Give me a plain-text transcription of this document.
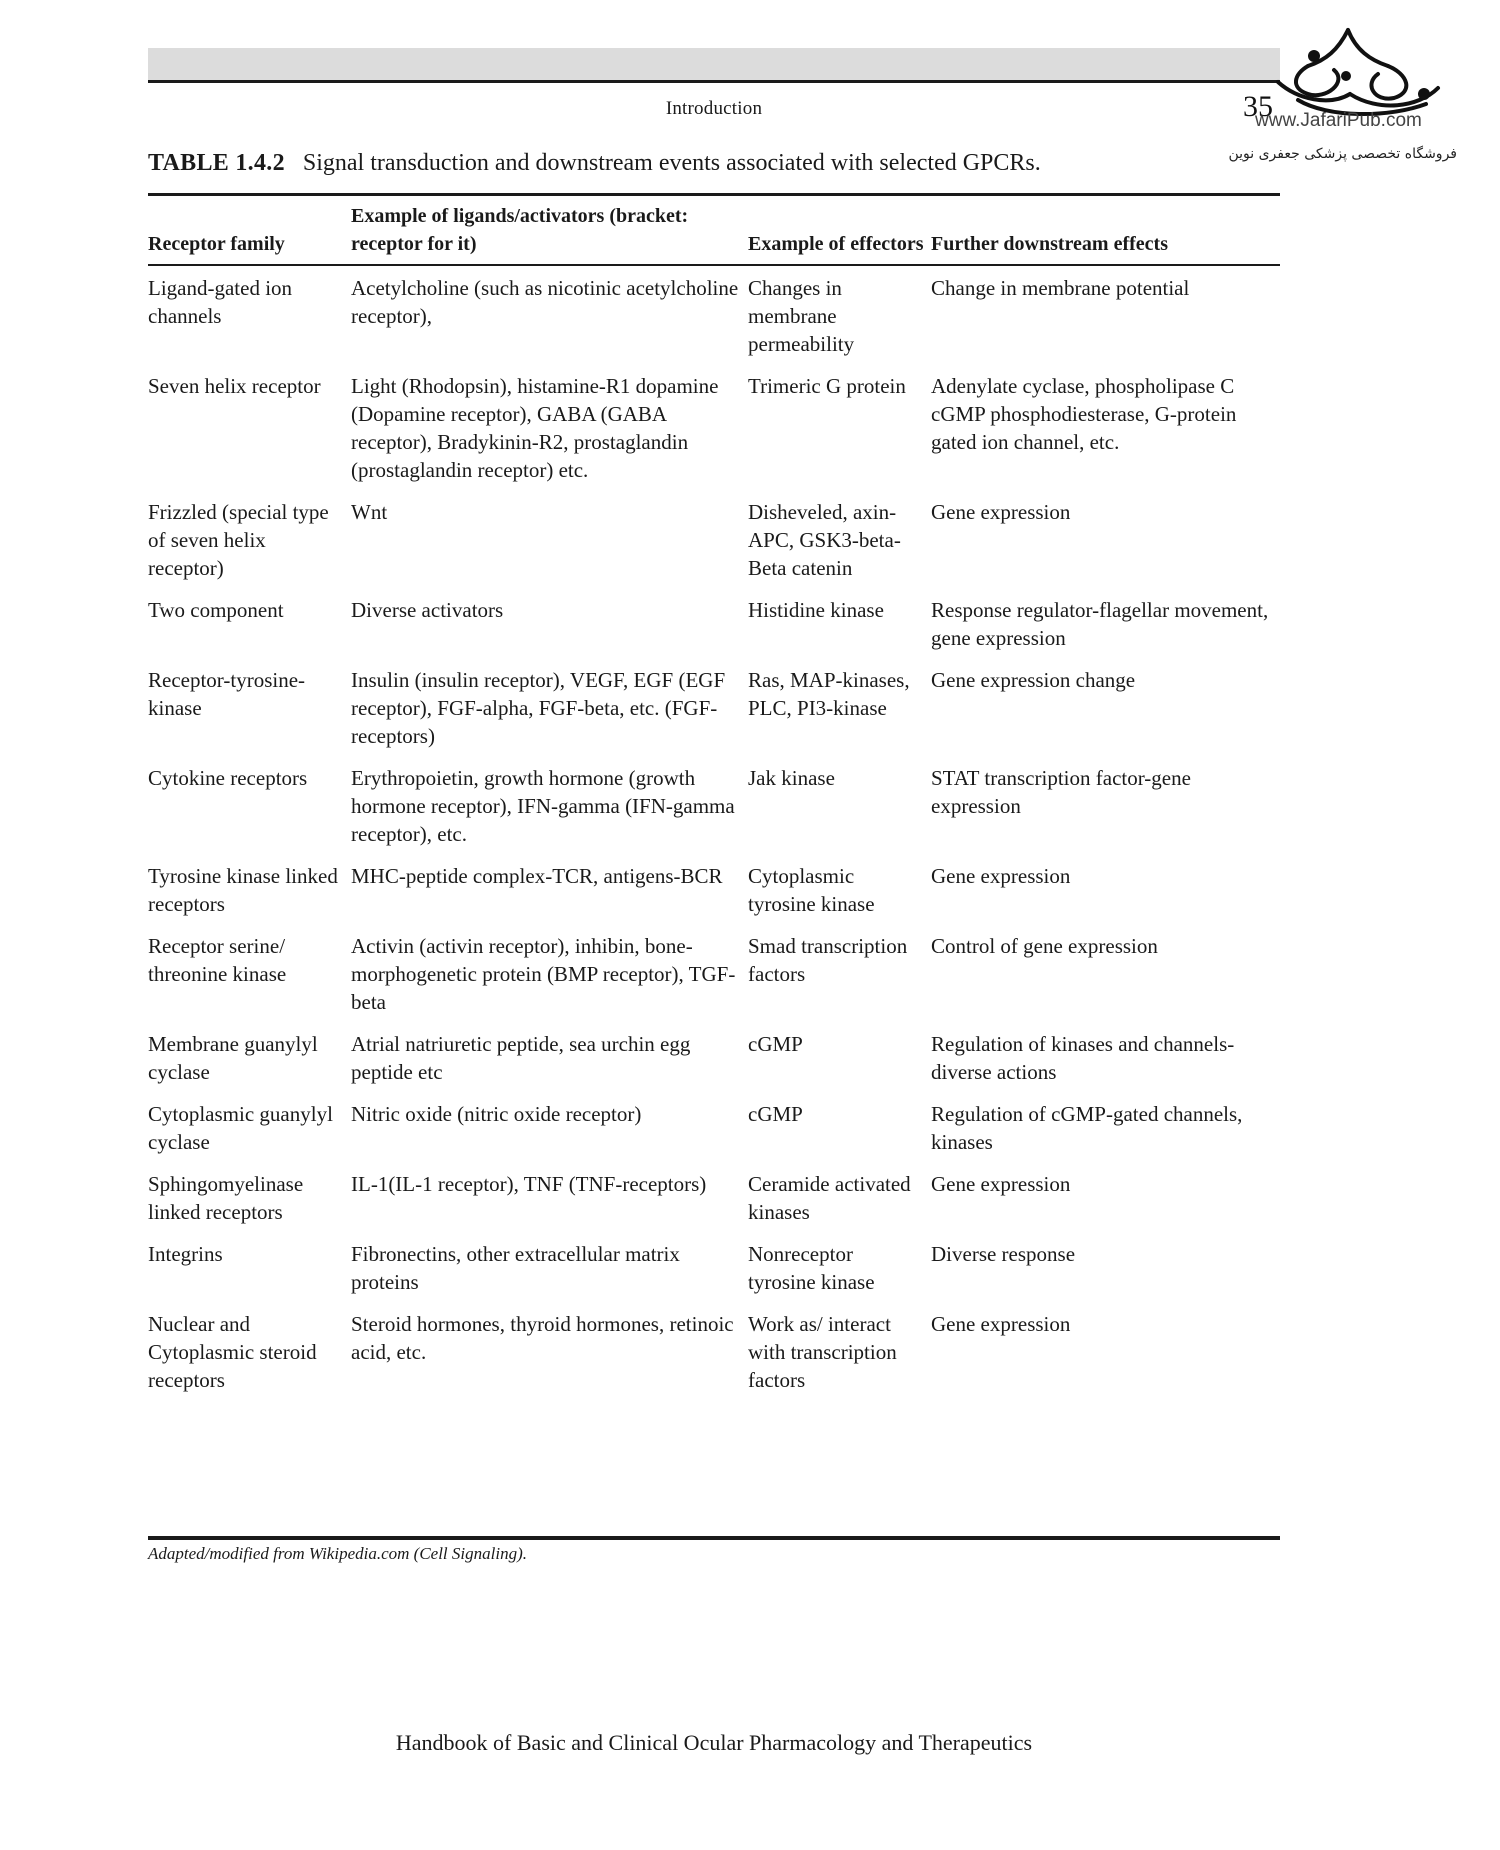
Introduction	35
www.JafariPub.com
فروشگاه تخصصی پزشکی جعفری نوین
TABLE 1.4.2 Signal transduction and downstream events associated with selected GPCRs.
Receptor family	Example of ligands/activators (bracket: receptor for it)	Example of effectors	Further downstream effects
Ligand-gated ion channels	Acetylcholine (such as nicotinic acetylcholine receptor),	Changes in membrane permeability	Change in membrane potential
Seven helix receptor	Light (Rhodopsin), histamine-R1 dopamine (Dopamine receptor), GABA (GABA receptor), Bradykinin-R2, prostaglandin (prostaglandin receptor) etc.	Trimeric G protein	Adenylate cyclase, phospholipase C cGMP phosphodiesterase, G-protein gated ion channel, etc.
Frizzled (special type of seven helix receptor)	Wnt	Disheveled, axin-APC, GSK3-beta-Beta catenin	Gene expression
Two component	Diverse activators	Histidine kinase	Response regulator-flagellar movement, gene expression
Receptor-tyrosine-kinase	Insulin (insulin receptor), VEGF, EGF (EGF receptor), FGF-alpha, FGF-beta, etc. (FGF-receptors)	Ras, MAP-kinases, PLC, PI3-kinase	Gene expression change
Cytokine receptors	Erythropoietin, growth hormone (growth hormone receptor), IFN-gamma (IFN-gamma receptor), etc.	Jak kinase	STAT transcription factor-gene expression
Tyrosine kinase linked receptors	MHC-peptide complex-TCR, antigens-BCR	Cytoplasmic tyrosine kinase	Gene expression
Receptor serine/ threonine kinase	Activin (activin receptor), inhibin, bone-morphogenetic protein (BMP receptor), TGF-beta	Smad transcription factors	Control of gene expression
Membrane guanylyl cyclase	Atrial natriuretic peptide, sea urchin egg peptide etc	cGMP	Regulation of kinases and channels-diverse actions
Cytoplasmic guanylyl cyclase	Nitric oxide (nitric oxide receptor)	cGMP	Regulation of cGMP-gated channels, kinases
Sphingomyelinase linked receptors	IL-1(IL-1 receptor), TNF (TNF-receptors)	Ceramide activated kinases	Gene expression
Integrins	Fibronectins, other extracellular matrix proteins	Nonreceptor tyrosine kinase	Diverse response
Nuclear and Cytoplasmic steroid receptors	Steroid hormones, thyroid hormones, retinoic acid, etc.	Work as/ interact with transcription factors	Gene expression
Adapted/modified from Wikipedia.com (Cell Signaling).
Handbook of Basic and Clinical Ocular Pharmacology and Therapeutics
